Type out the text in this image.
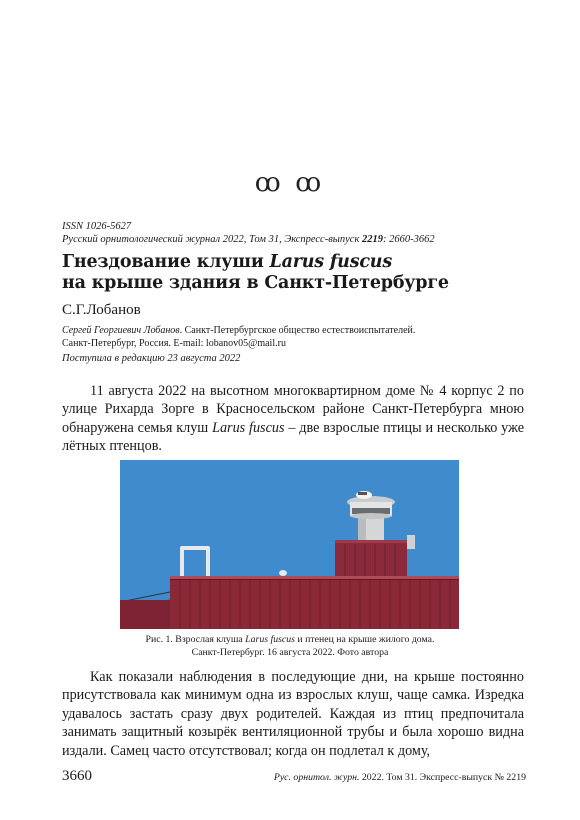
ꝏ ꝏ
ISSN 1026-5627
Русский орнитологический журнал 2022, Том 31, Экспресс-выпуск 2219: 2660-3662
Гнездование клуши Larus fuscus
на крыше здания в Санкт-Петербурге
С.Г.Лобанов
Сергей Георгиевич Лобанов. Санкт-Петербургское общество естествоиспытателей.
Санкт-Петербург, Россия. E-mail: lobanov05@mail.ru
Поступила в редакцию 23 августа 2022
11 августа 2022 на высотном многоквартирном доме № 4 корпус 2 по улице Рихарда Зорге в Красносельском районе Санкт-Петербурга мною обнаружена семья клуш Larus fuscus – две взрослые птицы и несколько уже лётных птенцов.
Рис. 1. Взрослая клуша Larus fuscus и птенец на крыше жилого дома.
Санкт-Петербург. 16 августа 2022. Фото автора
Как показали наблюдения в последующие дни, на крыше постоянно присутствовала как минимум одна из взрослых клуш, чаще самка. Изредка удавалось застать сразу двух родителей. Каждая из птиц предпочитала занимать защитный козырёк вентиляционной трубы и была хорошо видна издали. Самец часто отсутствовал; когда он подлетал к дому,
3660	Рус. орнитол. журн. 2022. Том 31. Экспресс-выпуск № 2219
